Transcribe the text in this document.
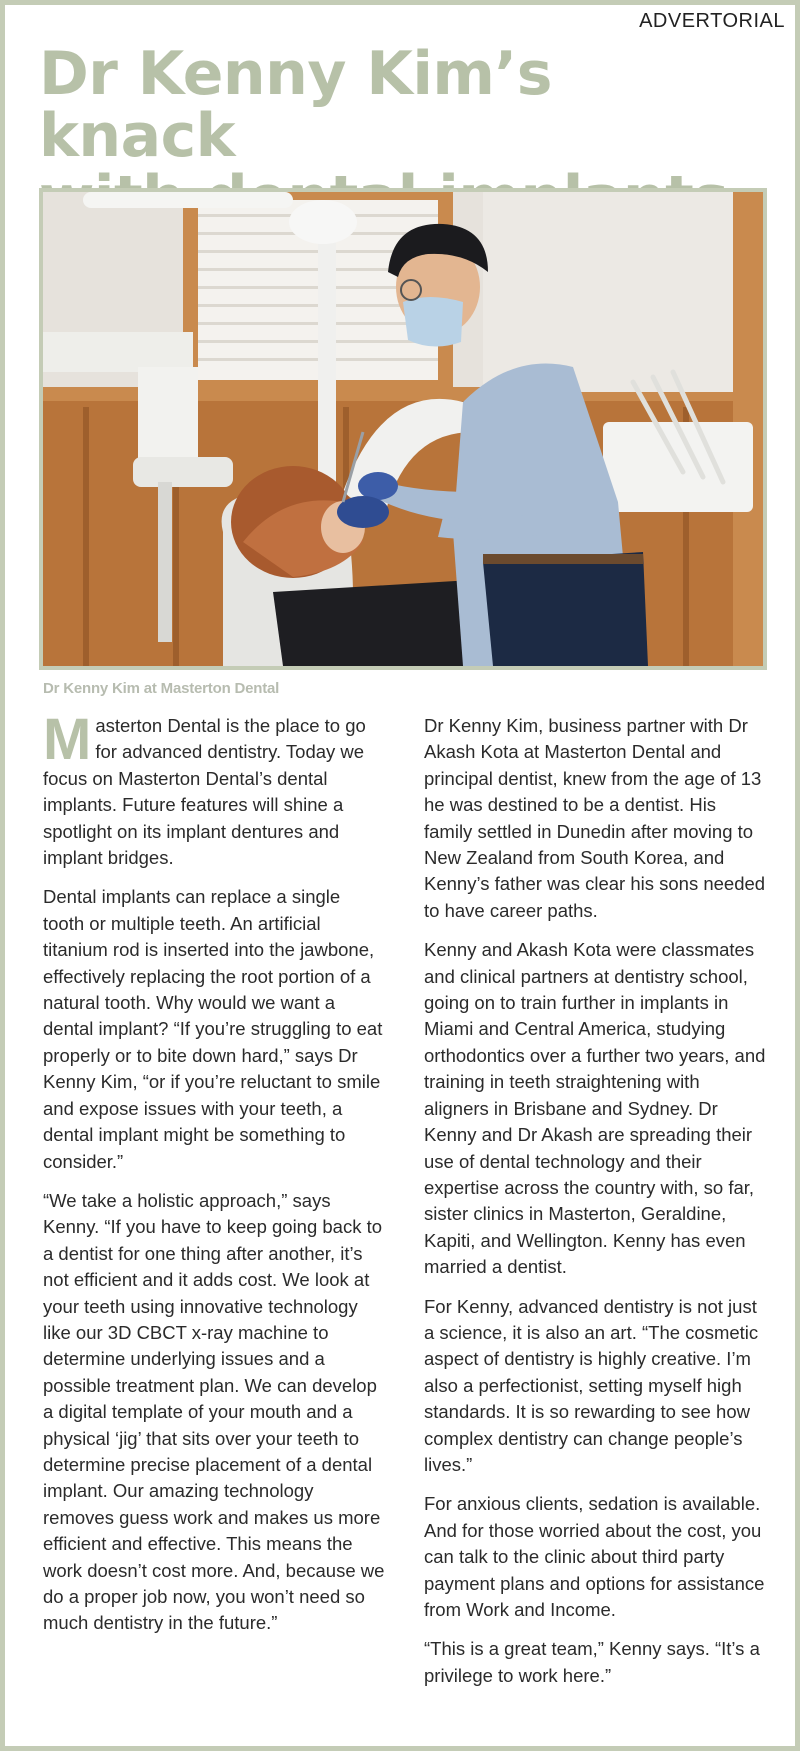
ADVERTORIAL
Dr Kenny Kim’s knack

Dr Kenny Kim at Masterton Dental

Masterton Dental is the place to go for advanced dentistry. Today we focus on Masterton Dental’s dental implants. Future features will shine a spotlight on its implant dentures and implant bridges.

Dental implants can replace a single tooth or multiple teeth. An artificial titanium rod is inserted into the jawbone, effectively replacing the root portion of a natural tooth. Why would we want a dental implant? “If you’re struggling to eat properly or to bite down hard,” says Dr Kenny Kim, “or if you’re reluctant to smile and expose issues with your teeth, a dental implant might be something to consider.”

“We take a holistic approach,” says Kenny. “If you have to keep going back to a dentist for one thing after another, it’s not efficient and it adds cost. We look at your teeth using innovative technology like our 3D CBCT x-ray machine to determine underlying issues and a possible treatment plan. We can develop a digital template of your mouth and a physical ‘jig’ that sits over your teeth to determine precise placement of a dental implant. Our amazing technology removes guess work and makes us more efficient and effective. This means the work doesn’t cost more. And, because we do a proper job now, you won’t need so much dentistry in the future.”

Dr Kenny Kim, business partner with Dr Akash Kota at Masterton Dental and principal dentist, knew from the age of 13 he was destined to be a dentist. His family settled in Dunedin after moving to New Zealand from South Korea, and Kenny’s father was clear his sons needed to have career paths.

Kenny and Akash Kota were classmates and clinical partners at dentistry school, going on to train further in implants in Miami and Central America, studying orthodontics over a further two years, and training in teeth straightening with aligners in Brisbane and Sydney. Dr Kenny and Dr Akash are spreading their use of dental technology and their expertise across the country with, so far, sister clinics in Masterton, Geraldine, Kapiti, and Wellington. Kenny has even married a dentist.

For Kenny, advanced dentistry is not just a science, it is also an art. “The cosmetic aspect of dentistry is highly creative. I’m also a perfectionist, setting myself high standards. It is so rewarding to see how complex dentistry can change people’s lives.”

For anxious clients, sedation is available. And for those worried about the cost, you can talk to the clinic about third party payment plans and options for assistance from Work and Income.

“This is a great team,” Kenny says. “It’s a privilege to work here.”
